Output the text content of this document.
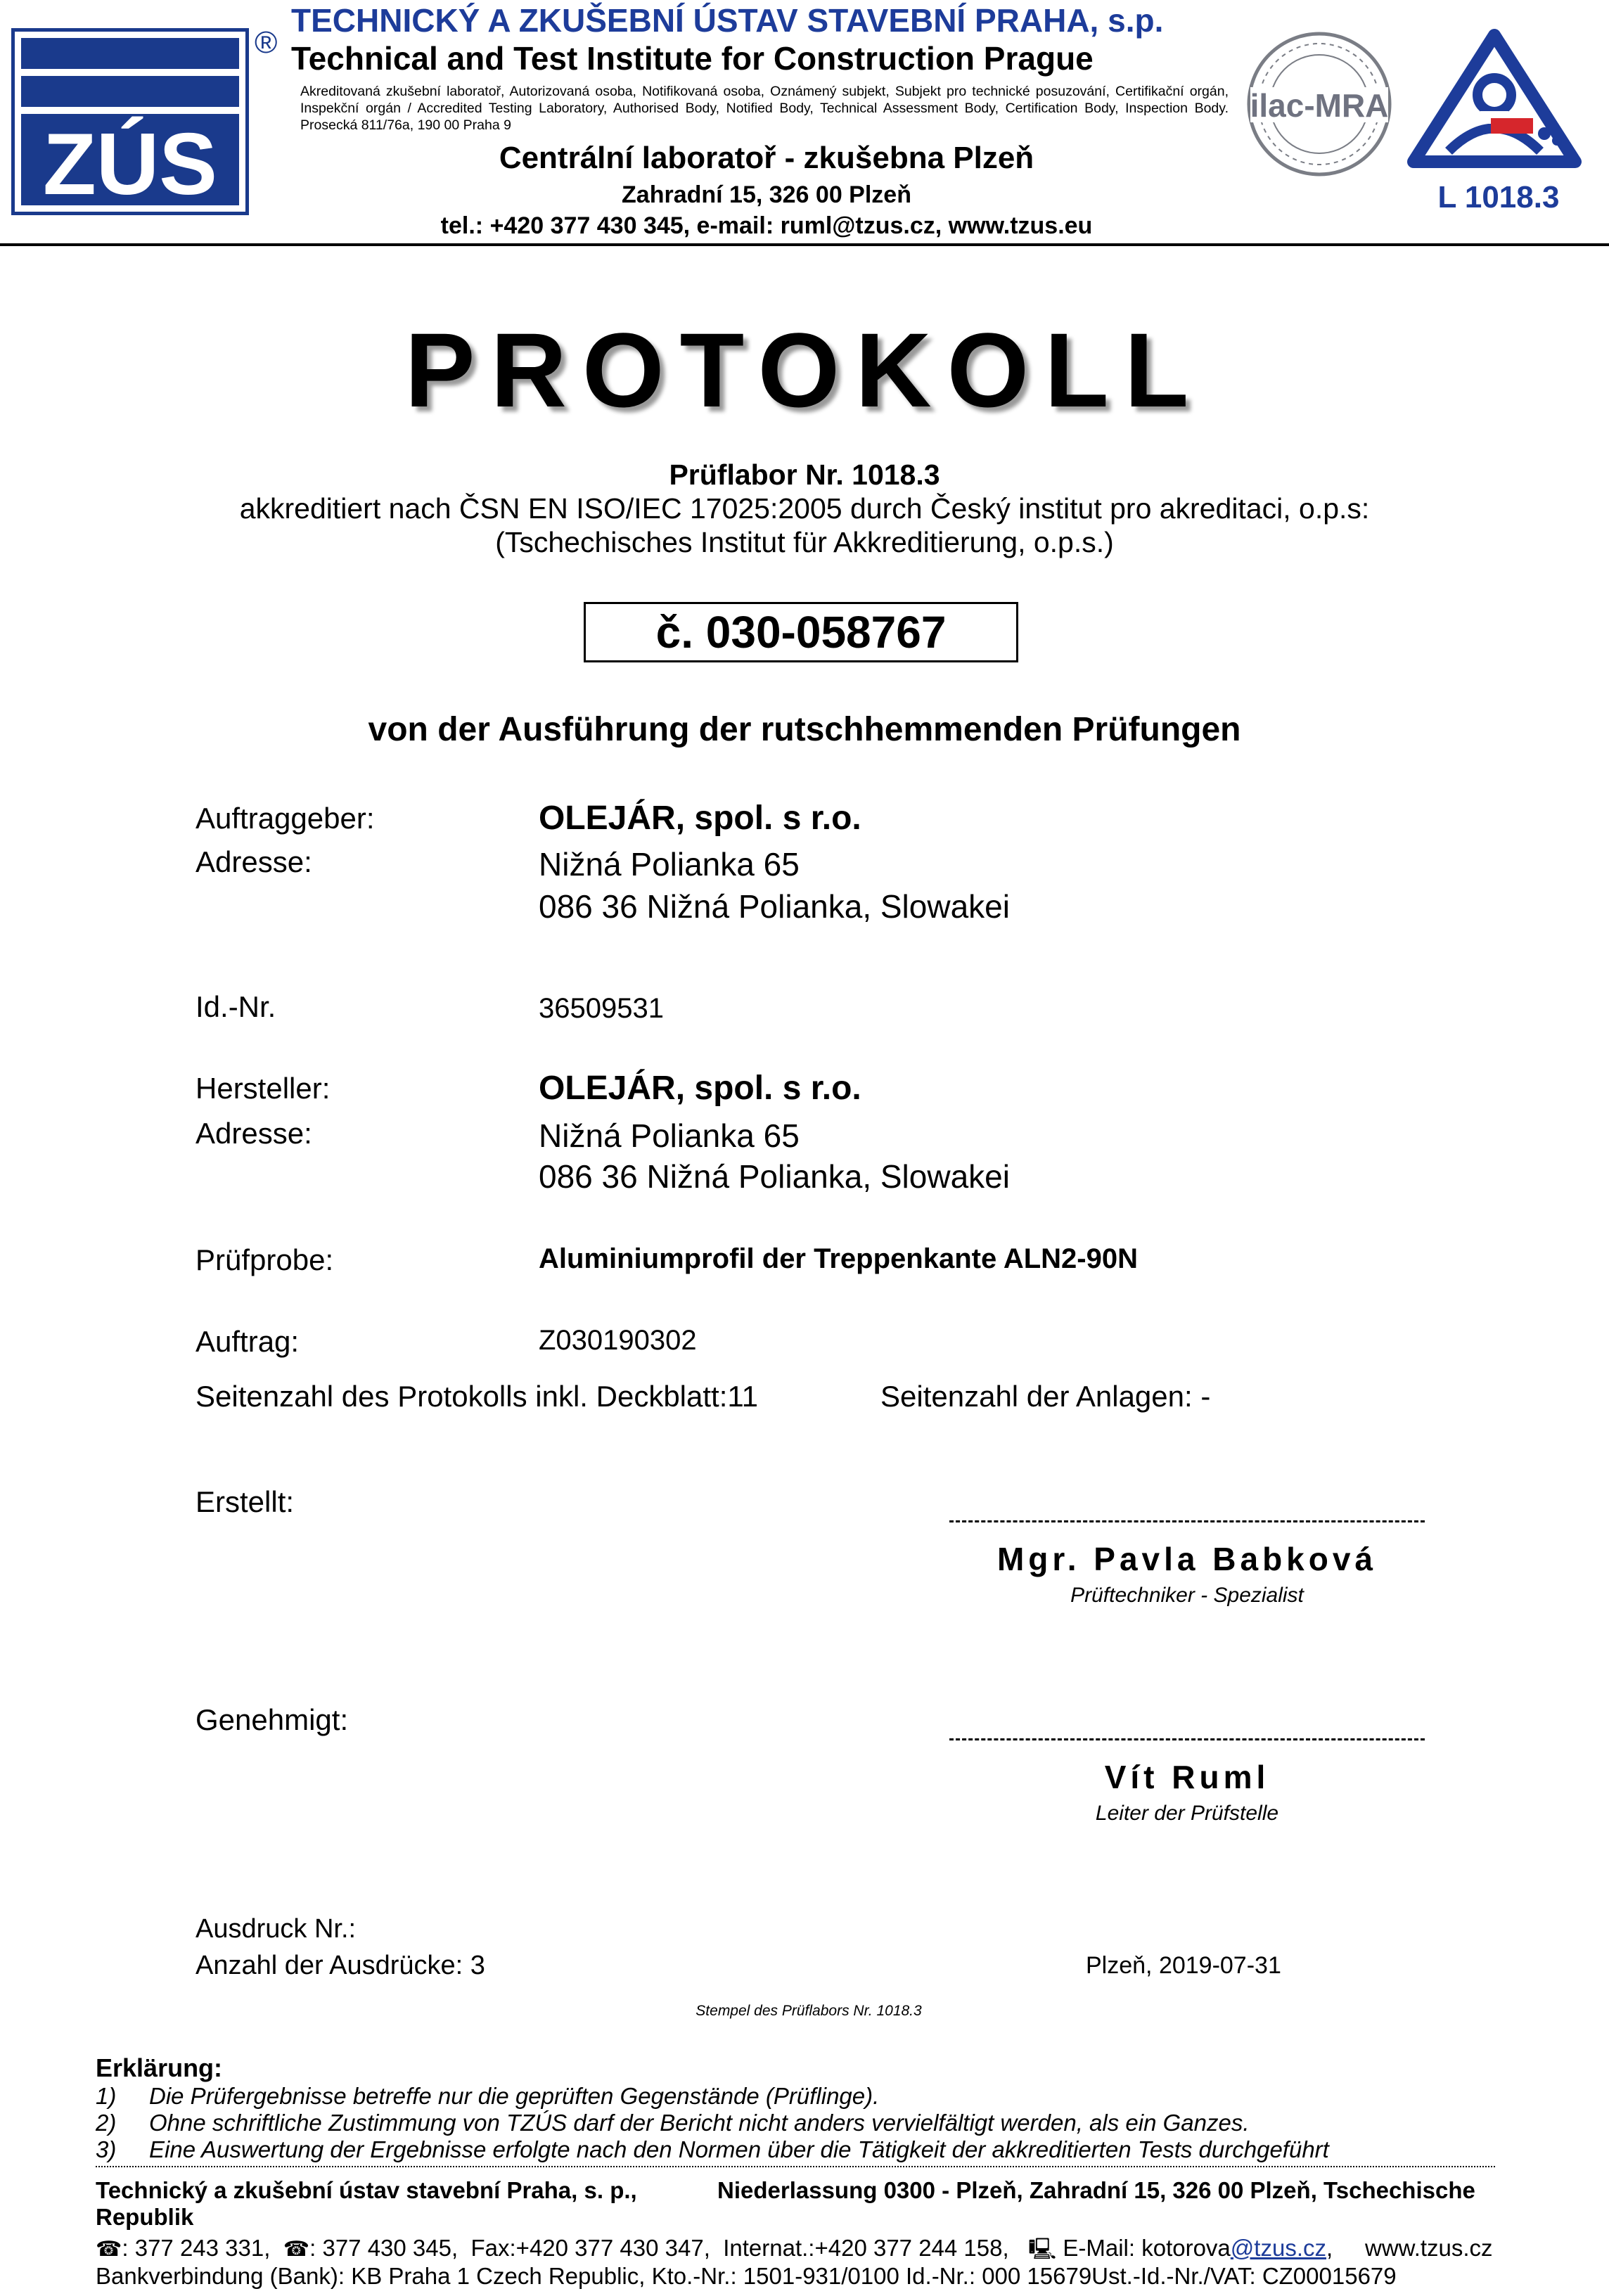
ZÚS
®
TECHNICKÝ A ZKUŠEBNÍ ÚSTAV STAVEBNÍ PRAHA, s.p.
Technical and Test Institute for Construction Prague
Akreditovaná zkušební laboratoř, Autorizovaná osoba, Notifikovaná osoba, Oznámený subjekt, Subjekt pro technické posuzování, Certifikační orgán, Inspekční orgán / Accredited Testing Laboratory, Authorised Body, Notified Body, Technical Assessment Body, Certification Body, Inspection Body. Prosecká 811/76a, 190 00 Praha 9
Centrální laboratoř - zkušebna Plzeň
Zahradní 15, 326 00 Plzeň
tel.: +420 377 430 345, e-mail: ruml@tzus.cz, www.tzus.eu
ilac-MRA
L 1018.3
PROTOKOLL
Prüflabor Nr. 1018.3
akkreditiert nach ČSN EN ISO/IEC 17025:2005 durch Český institut pro akreditaci, o.p.s:
(Tschechisches Institut für Akkreditierung, o.p.s.)
č. 030-058767
von der Ausführung der rutschhemmenden Prüfungen
Auftraggeber:	OLEJÁR, spol. s r.o.
Adresse:	Nižná Polianka 65
086 36 Nižná Polianka, Slowakei
Id.-Nr.	36509531
Hersteller:	OLEJÁR, spol. s r.o.
Adresse:	Nižná Polianka 65
086 36 Nižná Polianka, Slowakei
Prüfprobe:	Aluminiumprofil der Treppenkante ALN2-90N
Auftrag:	Z030190302
Seitenzahl des Protokolls inkl. Deckblatt:11	Seitenzahl der Anlagen: -
Erstellt:
Mgr. Pavla Babková
Prüftechniker - Spezialist
Genehmigt:
Vít Ruml
Leiter der Prüfstelle
Ausdruck Nr.:
Anzahl der Ausdrücke: 3	Plzeň, 2019-07-31
Stempel des Prüflabors Nr. 1018.3
Erklärung:
1) Die Prüfergebnisse betreffe nur die geprüften Gegenstände (Prüflinge).
2) Ohne schriftliche Zustimmung von TZÚS darf der Bericht nicht anders vervielfältigt werden, als ein Ganzes.
3) Eine Auswertung der Ergebnisse erfolgte nach den Normen über die Tätigkeit der akkreditierten Tests durchgeführt
Technický a zkušební ústav stavební Praha, s. p.,	Niederlassung 0300 - Plzeň, Zahradní 15, 326 00 Plzeň, Tschechische
Republik
☎: 377 243 331, ☎: 377 430 345, Fax:+420 377 430 347, Internat.:+420 377 244 158, 🖳 E-Mail: kotorova@tzus.cz, www.tzus.cz
Bankverbindung (Bank): KB Praha 1 Czech Republic, Kto.-Nr.: 1501-931/0100 Id.-Nr.: 000 15679Ust.-Id.-Nr./VAT: CZ00015679
